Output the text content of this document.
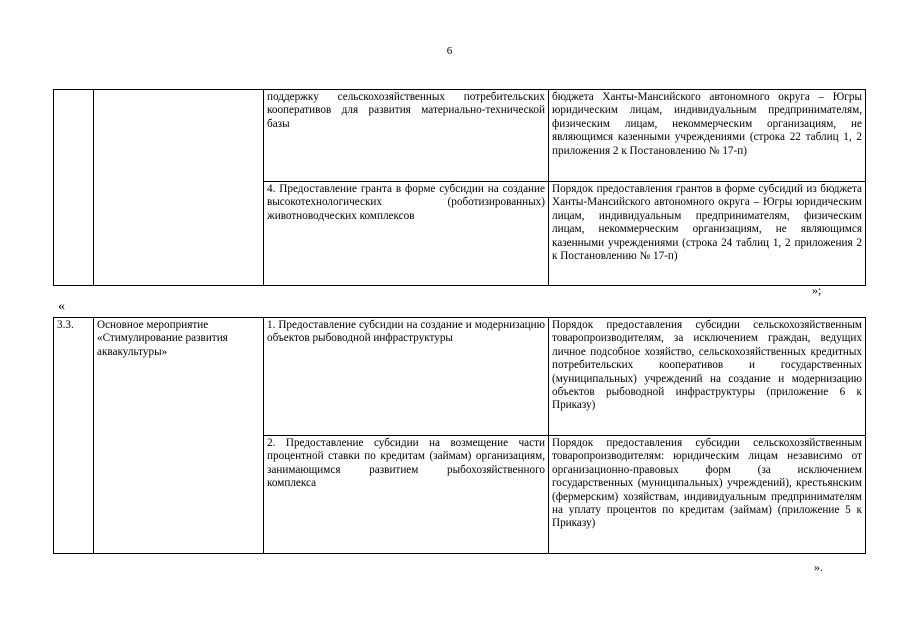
6
		поддержку сельскохозяйственных потребительских кооперативов для развития материально-технической базы	бюджета Ханты-Мансийского автономного округа – Югры юридическим лицам, индивидуальным предпринимателям, физическим лицам, некоммерческим организациям, не являющимся казенными учреждениями (строка 22 таблиц 1, 2 приложения 2 к Постановлению № 17-п)
		4. Предоставление гранта в форме субсидии на создание высокотехнологических (роботизированных) животноводческих комплексов	Порядок предоставления грантов в форме субсидий из бюджета Ханты-Мансийского автономного округа – Югры юридическим лицам, индивидуальным предпринимателям, физическим лицам, некоммерческим организациям, не являющимся казенными учреждениями (строка 24 таблиц 1, 2 приложения 2 к Постановлению № 17-п)
»;
«
3.3.	Основное мероприятие «Стимулирование развития аквакультуры»	1. Предоставление субсидии на создание и модернизацию объектов рыбоводной инфраструктуры	Порядок предоставления субсидии сельскохозяйственным товаропроизводителям, за исключением граждан, ведущих личное подсобное хозяйство, сельскохозяйственных кредитных потребительских кооперативов и государственных (муниципальных) учреждений на создание и модернизацию объектов рыбоводной инфраструктуры (приложение 6 к Приказу)
		2. Предоставление субсидии на возмещение части процентной ставки по кредитам (займам) организациям, занимающимся развитием рыбохозяйственного комплекса	Порядок предоставления субсидии сельскохозяйственным товаропроизводителям: юридическим лицам независимо от организационно-правовых форм (за исключением государственных (муниципальных) учреждений), крестьянским (фермерским) хозяйствам, индивидуальным предпринимателям на уплату процентов по кредитам (займам) (приложение 5 к Приказу)
».
